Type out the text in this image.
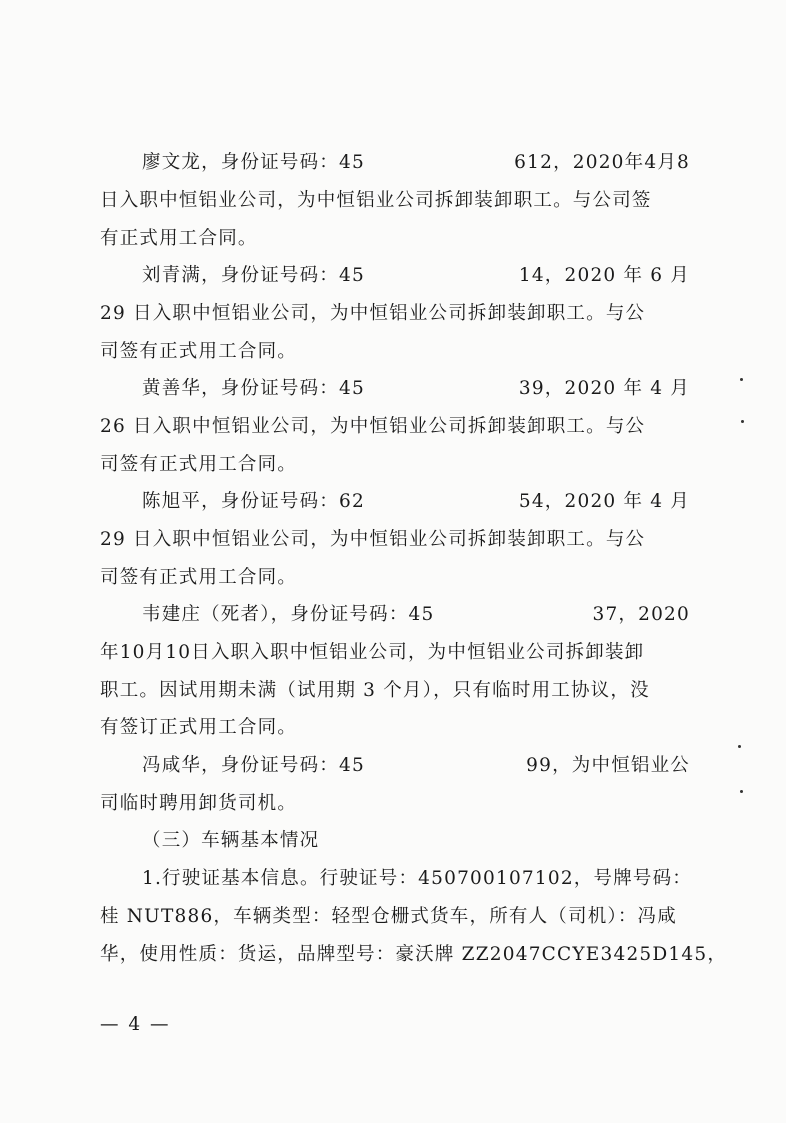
廖文龙，身份证号码：45	612，2020年4月8
日入职中恒铝业公司，为中恒铝业公司拆卸装卸职工。与公司签
有正式用工合同。
刘青满，身份证号码：45	14，2020 年 6 月
29 日入职中恒铝业公司，为中恒铝业公司拆卸装卸职工。与公
司签有正式用工合同。
黄善华，身份证号码：45	39，2020 年 4 月
26 日入职中恒铝业公司，为中恒铝业公司拆卸装卸职工。与公
司签有正式用工合同。
陈旭平，身份证号码：62	54，2020 年 4 月
29 日入职中恒铝业公司，为中恒铝业公司拆卸装卸职工。与公
司签有正式用工合同。
韦建庄（死者），身份证号码：45	37，2020
年10月10日入职入职中恒铝业公司，为中恒铝业公司拆卸装卸
职工。因试用期未满（试用期 3 个月），只有临时用工协议，没
有签订正式用工合同。
冯咸华，身份证号码：45	99，为中恒铝业公
司临时聘用卸货司机。
（三）车辆基本情况
1.行驶证基本信息。行驶证号：450700107102，号牌号码：
桂 NUT886，车辆类型：轻型仓栅式货车，所有人（司机）：冯咸
华，使用性质：货运，品牌型号：豪沃牌 ZZ2047CCYE3425D145，
— 4 —
